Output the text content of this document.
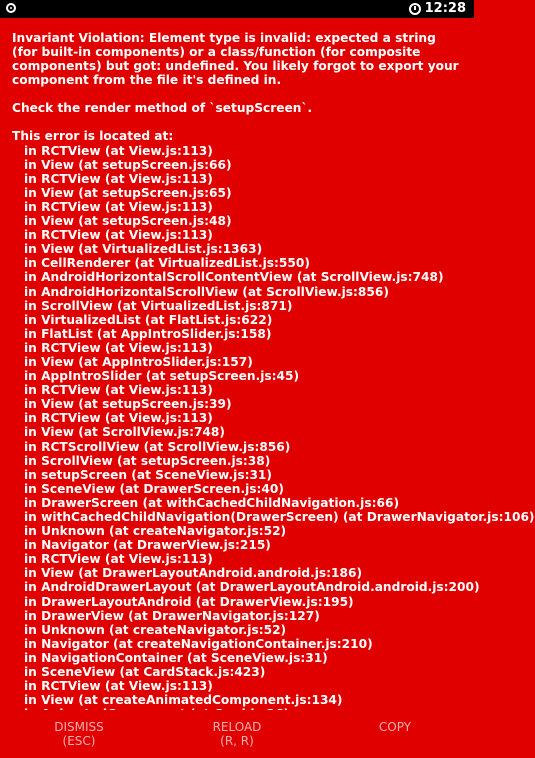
12:28

Invariant Violation: Element type is invalid: expected a string (for built-in components) or a class/function (for composite components) but got: undefined. You likely forgot to export your component from the file it's defined in.

Check the render method of `setupScreen`.

This error is located at:

in RCTView (at View.js:113)
in View (at setupScreen.js:66)
in RCTView (at View.js:113)
in View (at setupScreen.js:65)
in RCTView (at View.js:113)
in View (at setupScreen.js:48)
in RCTView (at View.js:113)
in View (at VirtualizedList.js:1363)
in CellRenderer (at VirtualizedList.js:550)
in AndroidHorizontalScrollContentView (at ScrollView.js:748)
in AndroidHorizontalScrollView (at ScrollView.js:856)
in ScrollView (at VirtualizedList.js:871)
in VirtualizedList (at FlatList.js:622)
in FlatList (at AppIntroSlider.js:158)
in RCTView (at View.js:113)
in View (at AppIntroSlider.js:157)
in AppIntroSlider (at setupScreen.js:45)
in RCTView (at View.js:113)
in View (at setupScreen.js:39)
in RCTView (at View.js:113)
in View (at ScrollView.js:748)
in RCTScrollView (at ScrollView.js:856)
in ScrollView (at setupScreen.js:38)
in setupScreen (at SceneView.js:31)
in SceneView (at DrawerScreen.js:40)
in DrawerScreen (at withCachedChildNavigation.js:66)
in withCachedChildNavigation(DrawerScreen) (at DrawerNavigator.js:106)
in Unknown (at createNavigator.js:52)
in Navigator (at DrawerView.js:215)
in RCTView (at View.js:113)
in View (at DrawerLayoutAndroid.android.js:186)
in AndroidDrawerLayout (at DrawerLayoutAndroid.android.js:200)
in DrawerLayoutAndroid (at DrawerView.js:195)
in DrawerView (at DrawerNavigator.js:127)
in Unknown (at createNavigator.js:52)
in Navigator (at createNavigationContainer.js:210)
in NavigationContainer (at SceneView.js:31)
in SceneView (at CardStack.js:423)
in RCTView (at View.js:113)
in View (at createAnimatedComponent.js:134)
DISMISS
(ESC)
RELOAD
(R, R)
COPY
